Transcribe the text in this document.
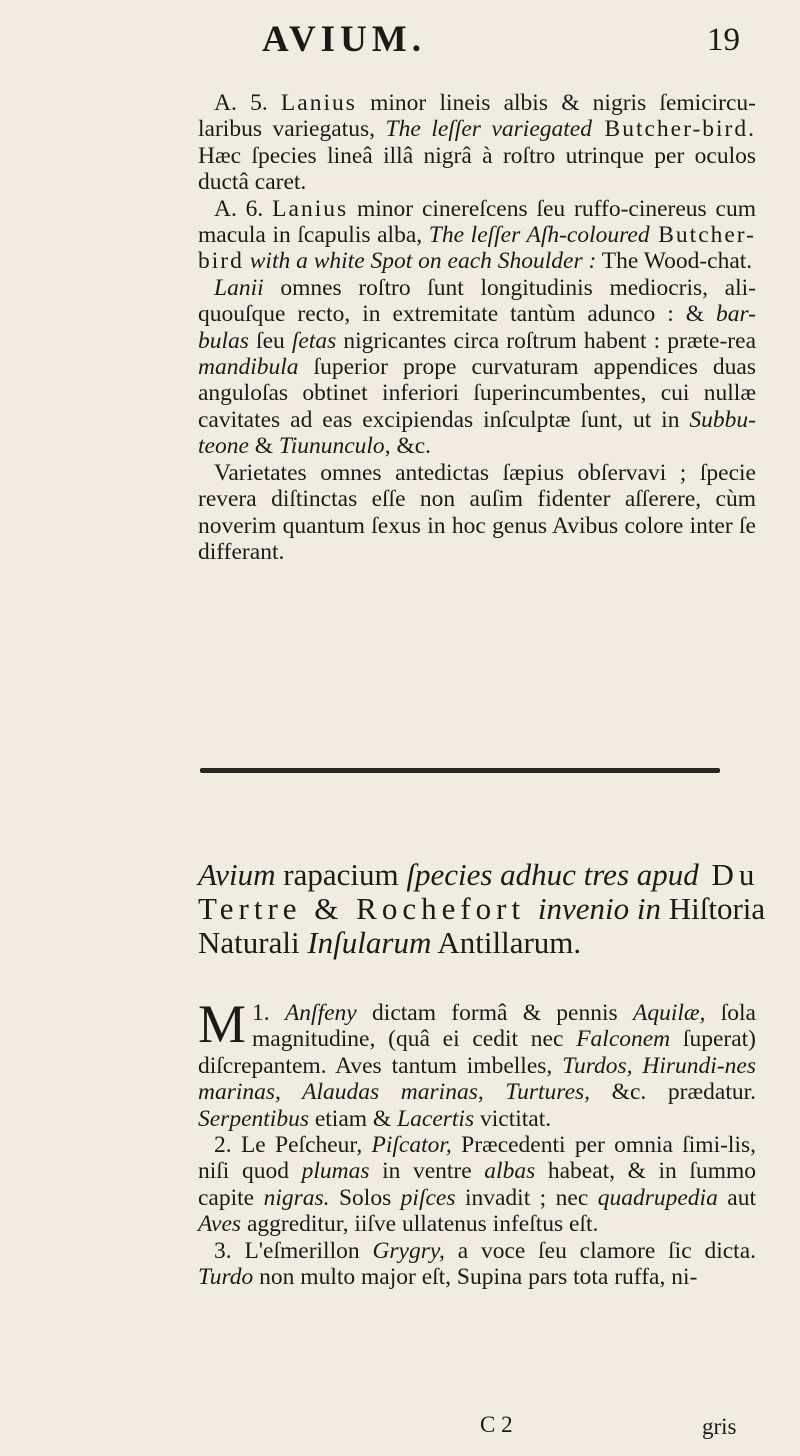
AVIUM.	19

A. 5. Lanius minor lineis albis & nigris ſemicircu-laribus variegatus, The leſſer variegated Butcher-bird. Hæc ſpecies lineâ illâ nigrâ à roſtro utrinque per oculos ductâ caret.

A. 6. Lanius minor cinereſcens ſeu ruffo-cinereus cum macula in ſcapulis alba, The leſſer Aſh-coloured Butcher-bird with a white Spot on each Shoulder : The Wood-chat.

Lanii omnes roſtro ſunt longitudinis mediocris, ali-quouſque recto, in extremitate tantùm adunco : & bar-bulas ſeu ſetas nigricantes circa roſtrum habent : præte-rea mandibula ſuperior prope curvaturam appendices duas anguloſas obtinet inferiori ſuperincumbentes, cui nullæ cavitates ad eas excipiendas inſculptæ ſunt, ut in Subbu-teone & Tiununculo, &c.

Varietates omnes antedictas ſæpius obſervavi ; ſpecie revera diſtinctas eſſe non auſim fidenter aſſerere, cùm noverim quantum ſexus in hoc genus Avibus colore inter ſe differant.

Avium rapacium ſpecies adhuc tres apud Du Tertre & Rochefort invenio in Hiſtoria Naturali Inſularum Antillarum.

1.
M Anſfeny dictam formâ & pennis Aquilæ, ſola magnitudine, (quâ ei cedit nec Falconem ſuperat) diſcrepantem. Aves tantum imbelles, Turdos, Hirundi-nes marinas, Alaudas marinas, Turtures, &c. prædatur. Serpentibus etiam & Lacertis victitat.

2. Le Peſcheur, Piſcator, Præcedenti per omnia ſimi-lis, niſi quod plumas in ventre albas habeat, & in ſummo capite nigras. Solos piſces invadit ; nec quadrupedia aut Aves aggreditur, iiſve ullatenus infeſtus eſt.

3. L'eſmerillon Grygry, a voce ſeu clamore ſic dicta. Turdo non multo major eſt, Supina pars tota ruffa, ni-

C 2	gris
